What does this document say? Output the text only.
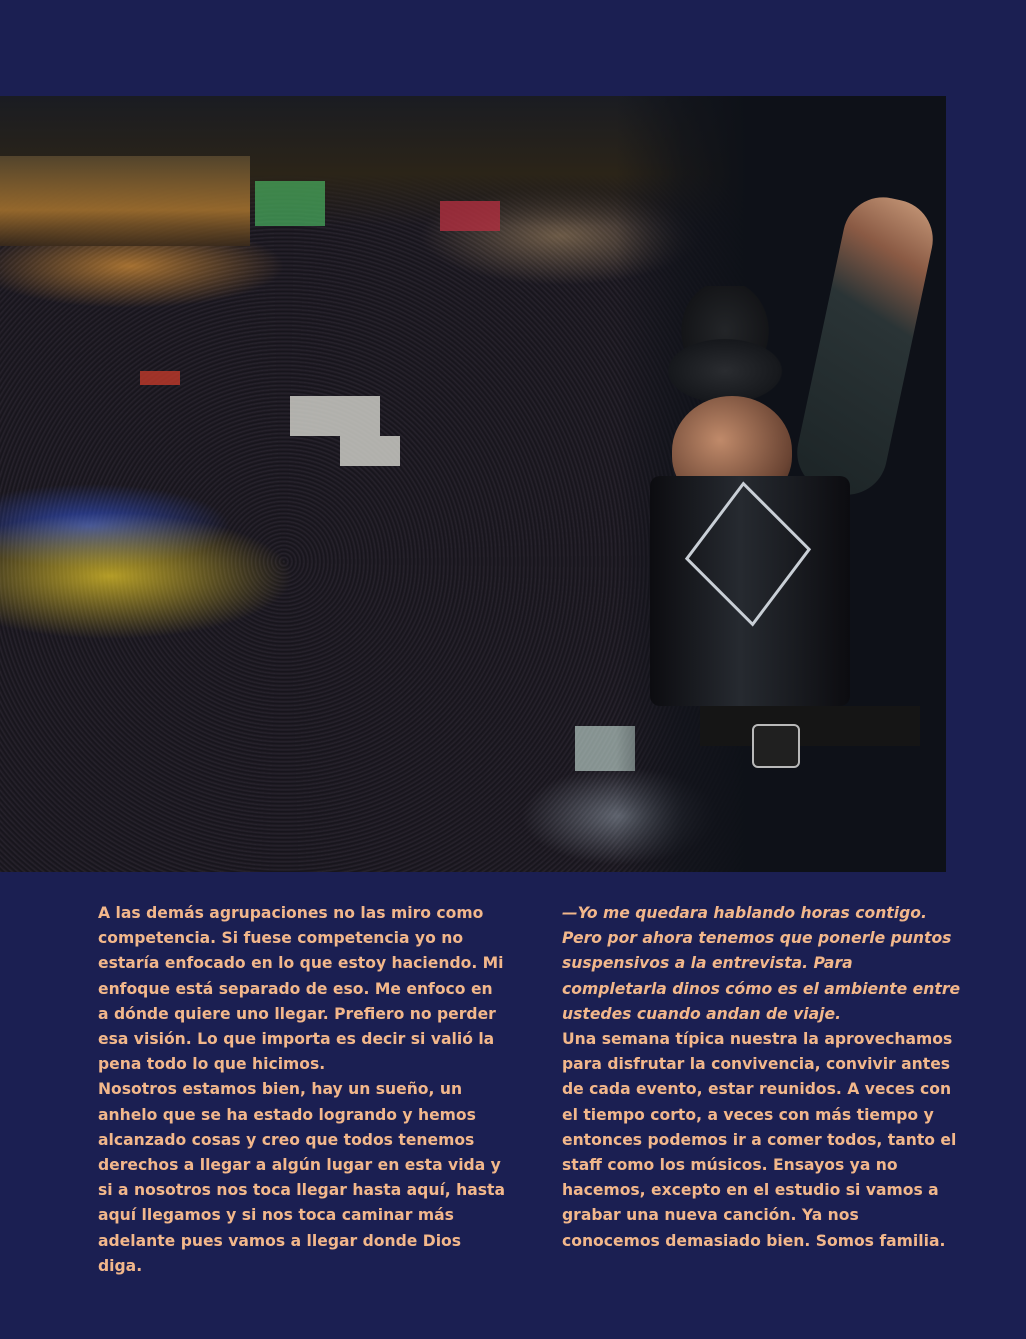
A las demás agrupaciones no las miro como competencia. Si fuese competencia yo no estaría enfocado en lo que estoy haciendo. Mi enfoque está separado de eso. Me enfoco en a dónde quiere uno llegar. Prefiero no perder esa visión. Lo que importa es decir si valió la pena todo lo que hicimos.

Nosotros estamos bien, hay un sueño, un anhelo que se ha estado logrando y hemos alcanzado cosas y creo que todos tenemos derechos a llegar a algún lugar en esta vida y si a nosotros nos toca llegar hasta aquí, hasta aquí llegamos y si nos toca caminar más adelante pues vamos a llegar donde Dios diga.

—Yo me quedara hablando horas contigo. Pero por ahora tenemos que ponerle puntos suspensivos a la entrevista. Para completarla dinos cómo es el ambiente entre ustedes cuando andan de viaje.

Una semana típica nuestra la aprovechamos para disfrutar la convivencia, convivir antes de cada evento, estar reunidos. A veces con el tiempo corto, a veces con más tiempo y entonces podemos ir a comer todos, tanto el staff como los músicos. Ensayos ya no hacemos, excepto en el estudio si vamos a grabar una nueva canción. Ya nos conocemos demasiado bien. Somos familia.
